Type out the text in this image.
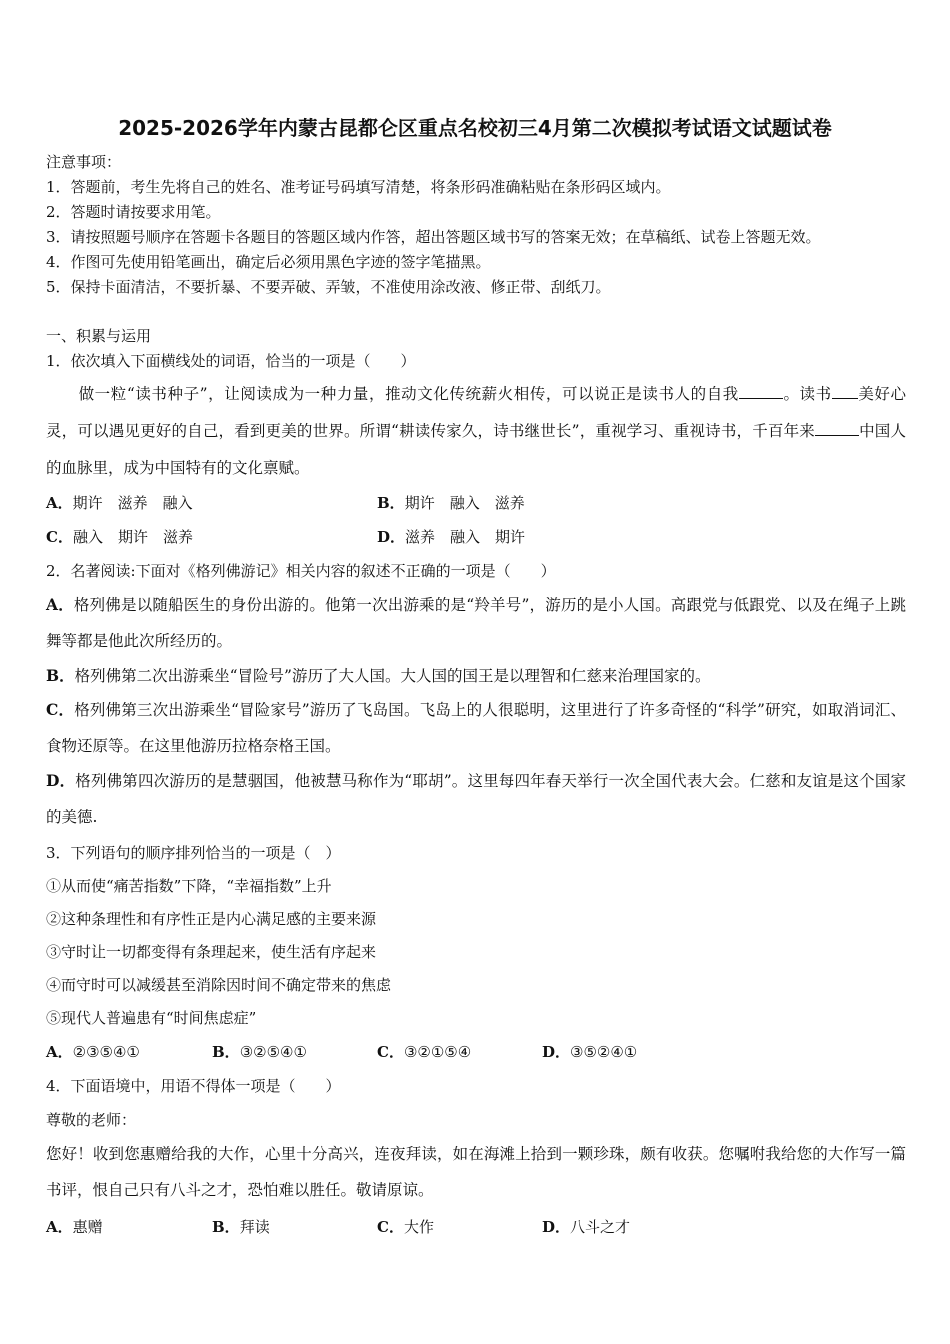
2025-2026学年内蒙古昆都仑区重点名校初三4月第二次模拟考试语文试题试卷
注意事项：
1．答题前，考生先将自己的姓名、准考证号码填写清楚，将条形码准确粘贴在条形码区域内。
2．答题时请按要求用笔。
3．请按照题号顺序在答题卡各题目的答题区域内作答，超出答题区域书写的答案无效；在草稿纸、试卷上答题无效。
4．作图可先使用铅笔画出，确定后必须用黑色字迹的签字笔描黑。
5．保持卡面清洁，不要折暴、不要弄破、弄皱，不准使用涂改液、修正带、刮纸刀。
一、积累与运用
1．依次填入下面横线处的词语，恰当的一项是（　　）
做一粒“读书种子”，让阅读成为一种力量，推动文化传统薪火相传，可以说正是读书人的自我	。读书 美好心灵，可以遇见更好的自己，看到更美的世界。所谓“耕读传家久，诗书继世长”，重视学习、重视诗书，千百年来	中国人的血脉里，成为中国特有的文化禀赋。
A．期许　滋养　融入	B．期许　融入　滋养
C．融入　期许　滋养	D．滋养　融入　期许
2．名著阅读:下面对《格列佛游记》相关内容的叙述不正确的一项是（　　）
A．格列佛是以随船医生的身份出游的。他第一次出游乘的是“羚羊号”，游历的是小人国。高跟党与低跟党、以及在绳子上跳舞等都是他此次所经历的。
B．格列佛第二次出游乘坐“冒险号”游历了大人国。大人国的国王是以理智和仁慈来治理国家的。
C．格列佛第三次出游乘坐“冒险家号”游历了飞岛国。飞岛上的人很聪明，这里进行了许多奇怪的“科学”研究，如取消词汇、食物还原等。在这里他游历拉格奈格王国。
D．格列佛第四次游历的是慧骃国，他被慧马称作为“耶胡”。这里每四年春天举行一次全国代表大会。仁慈和友谊是这个国家的美德.
3．下列语句的顺序排列恰当的一项是（　）
①从而使“痛苦指数”下降，“幸福指数”上升
②这种条理性和有序性正是内心满足感的主要来源
③守时让一切都变得有条理起来，使生活有序起来
④而守时可以减缓甚至消除因时间不确定带来的焦虑
⑤现代人普遍患有“时间焦虑症”
A．②③⑤④①	B．③②⑤④①	C．③②①⑤④	D．③⑤②④①
4．下面语境中，用语不得体一项是（　　）
尊敬的老师：
您好！收到您惠赠给我的大作，心里十分高兴，连夜拜读，如在海滩上拾到一颗珍珠，颇有收获。您嘱咐我给您的大作写一篇书评，恨自己只有八斗之才，恐怕难以胜任。敬请原谅。
A．惠赠	B．拜读	C．大作	D．八斗之才
